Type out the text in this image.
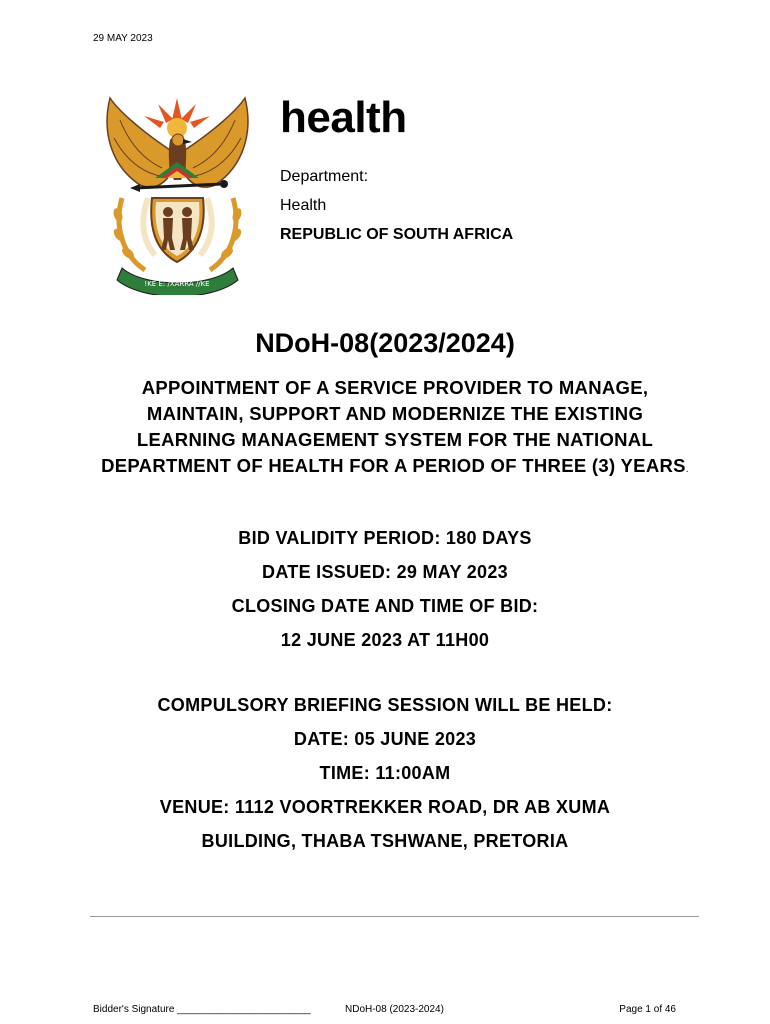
29 MAY 2023
!KE E: /XARRA //KE
health
Department:
Health
REPUBLIC OF SOUTH AFRICA
NDoH-08(2023/2024)
APPOINTMENT OF A SERVICE PROVIDER TO MANAGE, MAINTAIN, SUPPORT AND MODERNIZE THE EXISTING LEARNING MANAGEMENT SYSTEM FOR THE NATIONAL DEPARTMENT OF HEALTH FOR A PERIOD OF THREE (3) YEARS.
BID VALIDITY PERIOD: 180 DAYS
DATE ISSUED: 29 MAY 2023
CLOSING DATE AND TIME OF BID:
12 JUNE 2023 AT 11H00
COMPULSORY BRIEFING SESSION WILL BE HELD:
DATE: 05 JUNE 2023
TIME: 11:00AM
VENUE: 1112 VOORTREKKER ROAD, DR AB XUMA
BUILDING, THABA TSHWANE, PRETORIA
Bidder's Signature ________________________	NDoH-08 (2023-2024)	Page 1 of 46
